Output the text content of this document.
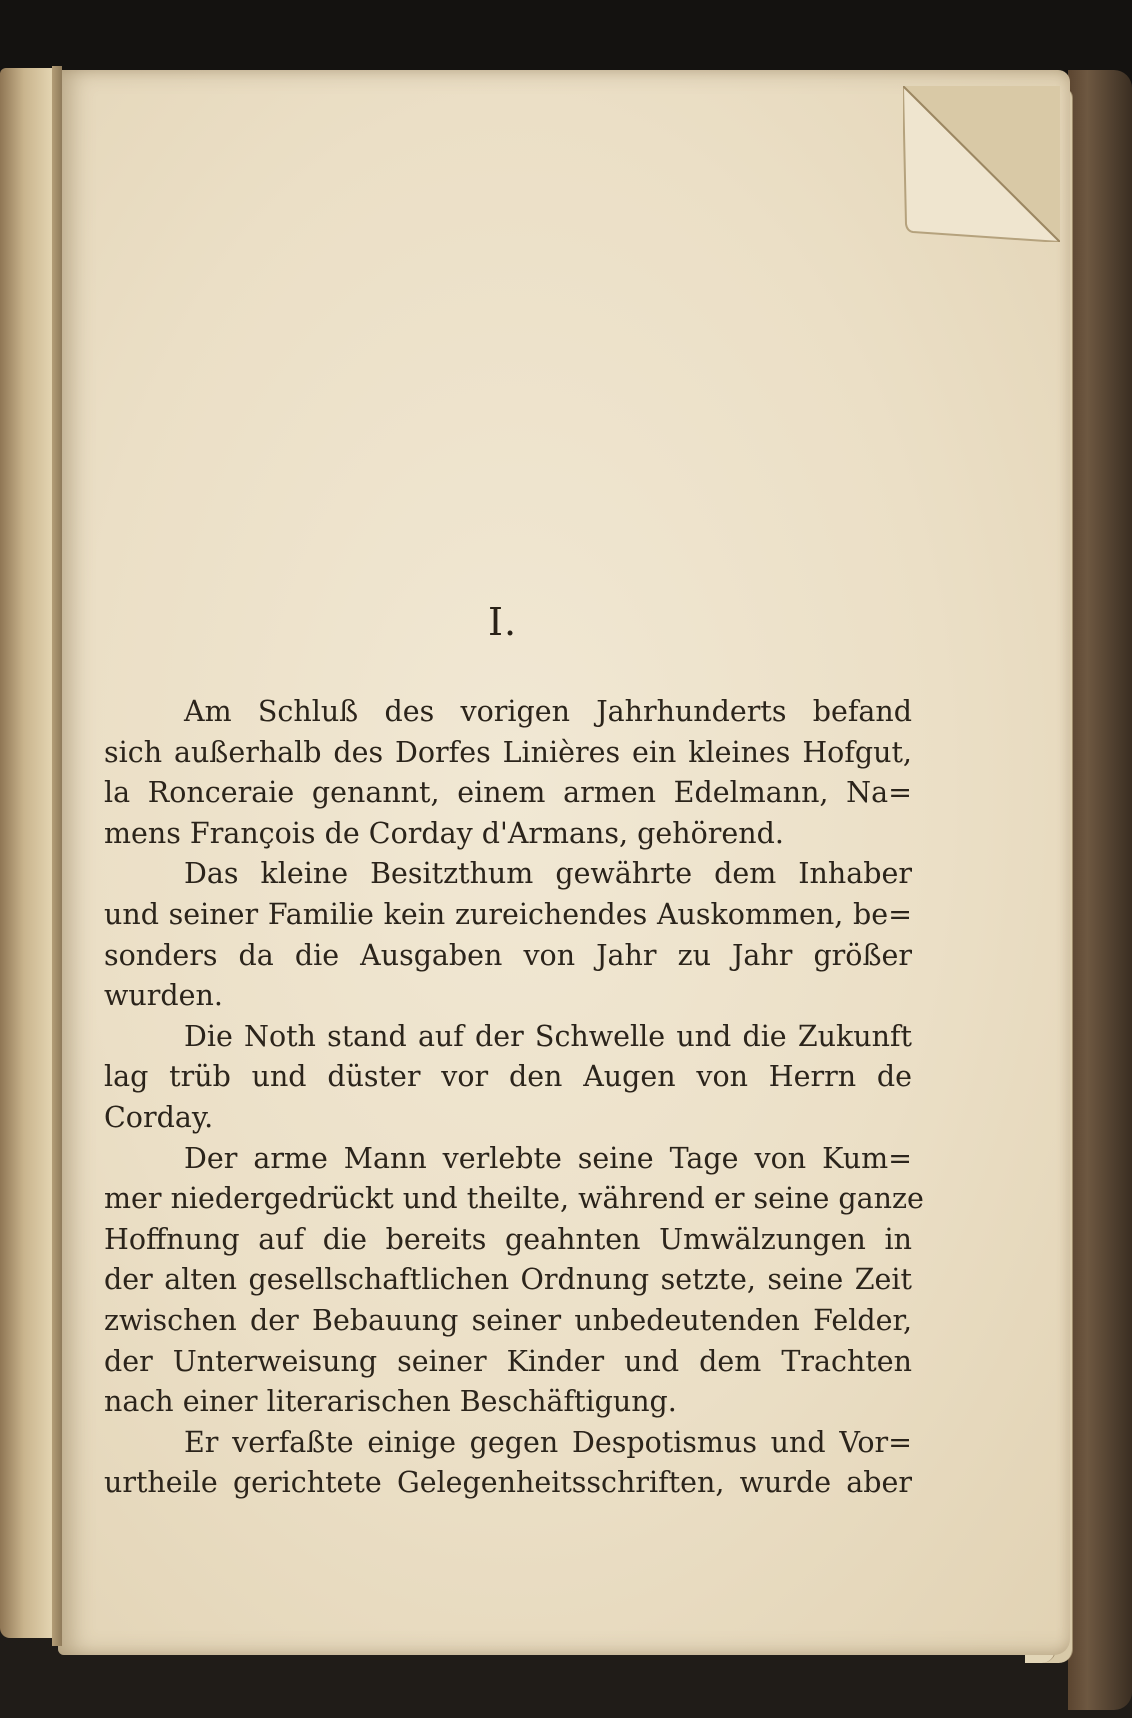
I.

Am Schluß des vorigen Jahrhunderts befand
sich außerhalb des Dorfes Linières ein kleines Hofgut,
la Ronceraie genannt, einem armen Edelmann, Na=
mens François de Corday d'Armans, gehörend.

Das kleine Besitzthum gewährte dem Inhaber
und seiner Familie kein zureichendes Auskommen, be=
sonders da die Ausgaben von Jahr zu Jahr größer
wurden.

Die Noth stand auf der Schwelle und die Zukunft
lag trüb und düster vor den Augen von Herrn de
Corday.

Der arme Mann verlebte seine Tage von Kum=
mer niedergedrückt und theilte, während er seine ganze
Hoffnung auf die bereits geahnten Umwälzungen in
der alten gesellschaftlichen Ordnung setzte, seine Zeit
zwischen der Bebauung seiner unbedeutenden Felder,
der Unterweisung seiner Kinder und dem Trachten
nach einer literarischen Beschäftigung.

Er verfaßte einige gegen Despotismus und Vor=
urtheile gerichtete Gelegenheitsschriften, wurde aber
